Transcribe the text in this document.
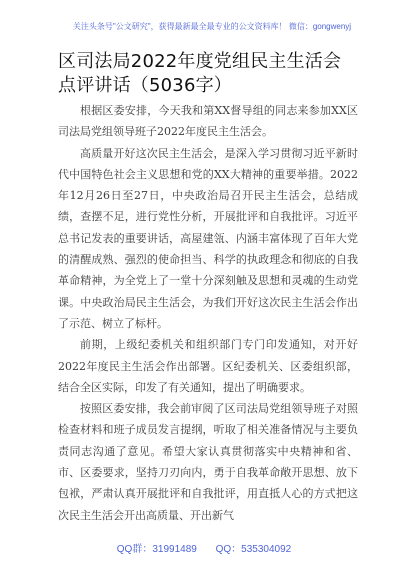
关注头条号"公文研究"，获得最新最全最专业的公文资料库！ 微信：gongwenyj
区司法局2022年度党组民主生活会点评讲话（5036字）

根据区委安排，今天我和第XX督导组的同志来参加XX区司法局党组领导班子2022年度民主生活会。

高质量开好这次民主生活会，是深入学习贯彻习近平新时代中国特色社会主义思想和党的XX大精神的重要举措。2022年12月26日至27日，中央政治局召开民主生活会，总结成绩，查摆不足，进行党性分析，开展批评和自我批评。习近平总书记发表的重要讲话，高屋建瓴、内涵丰富体现了百年大党的清醒成熟、强烈的使命担当、科学的执政理念和彻底的自我革命精神，为全党上了一堂十分深刻触及思想和灵魂的生动党课。中央政治局民主生活会，为我们开好这次民主生活会作出了示范、树立了标杆。

前期，上级纪委机关和组织部门专门印发通知，对开好2022年度民主生活会作出部署。区纪委机关、区委组织部，结合全区实际，印发了有关通知，提出了明确要求。

按照区委安排，我会前审阅了区司法局党组领导班子对照检查材料和班子成员发言提纲，听取了相关准备情况与主要负责同志沟通了意见。希望大家认真贯彻落实中央精神和省、市、区委要求，坚持刀刃向内，勇于自我革命敞开思想、放下包袱，严肃认真开展批评和自我批评，用直抵人心的方式把这次民主生活会开出高质量、开出新气

QQ群：31991489 QQ：535304092
